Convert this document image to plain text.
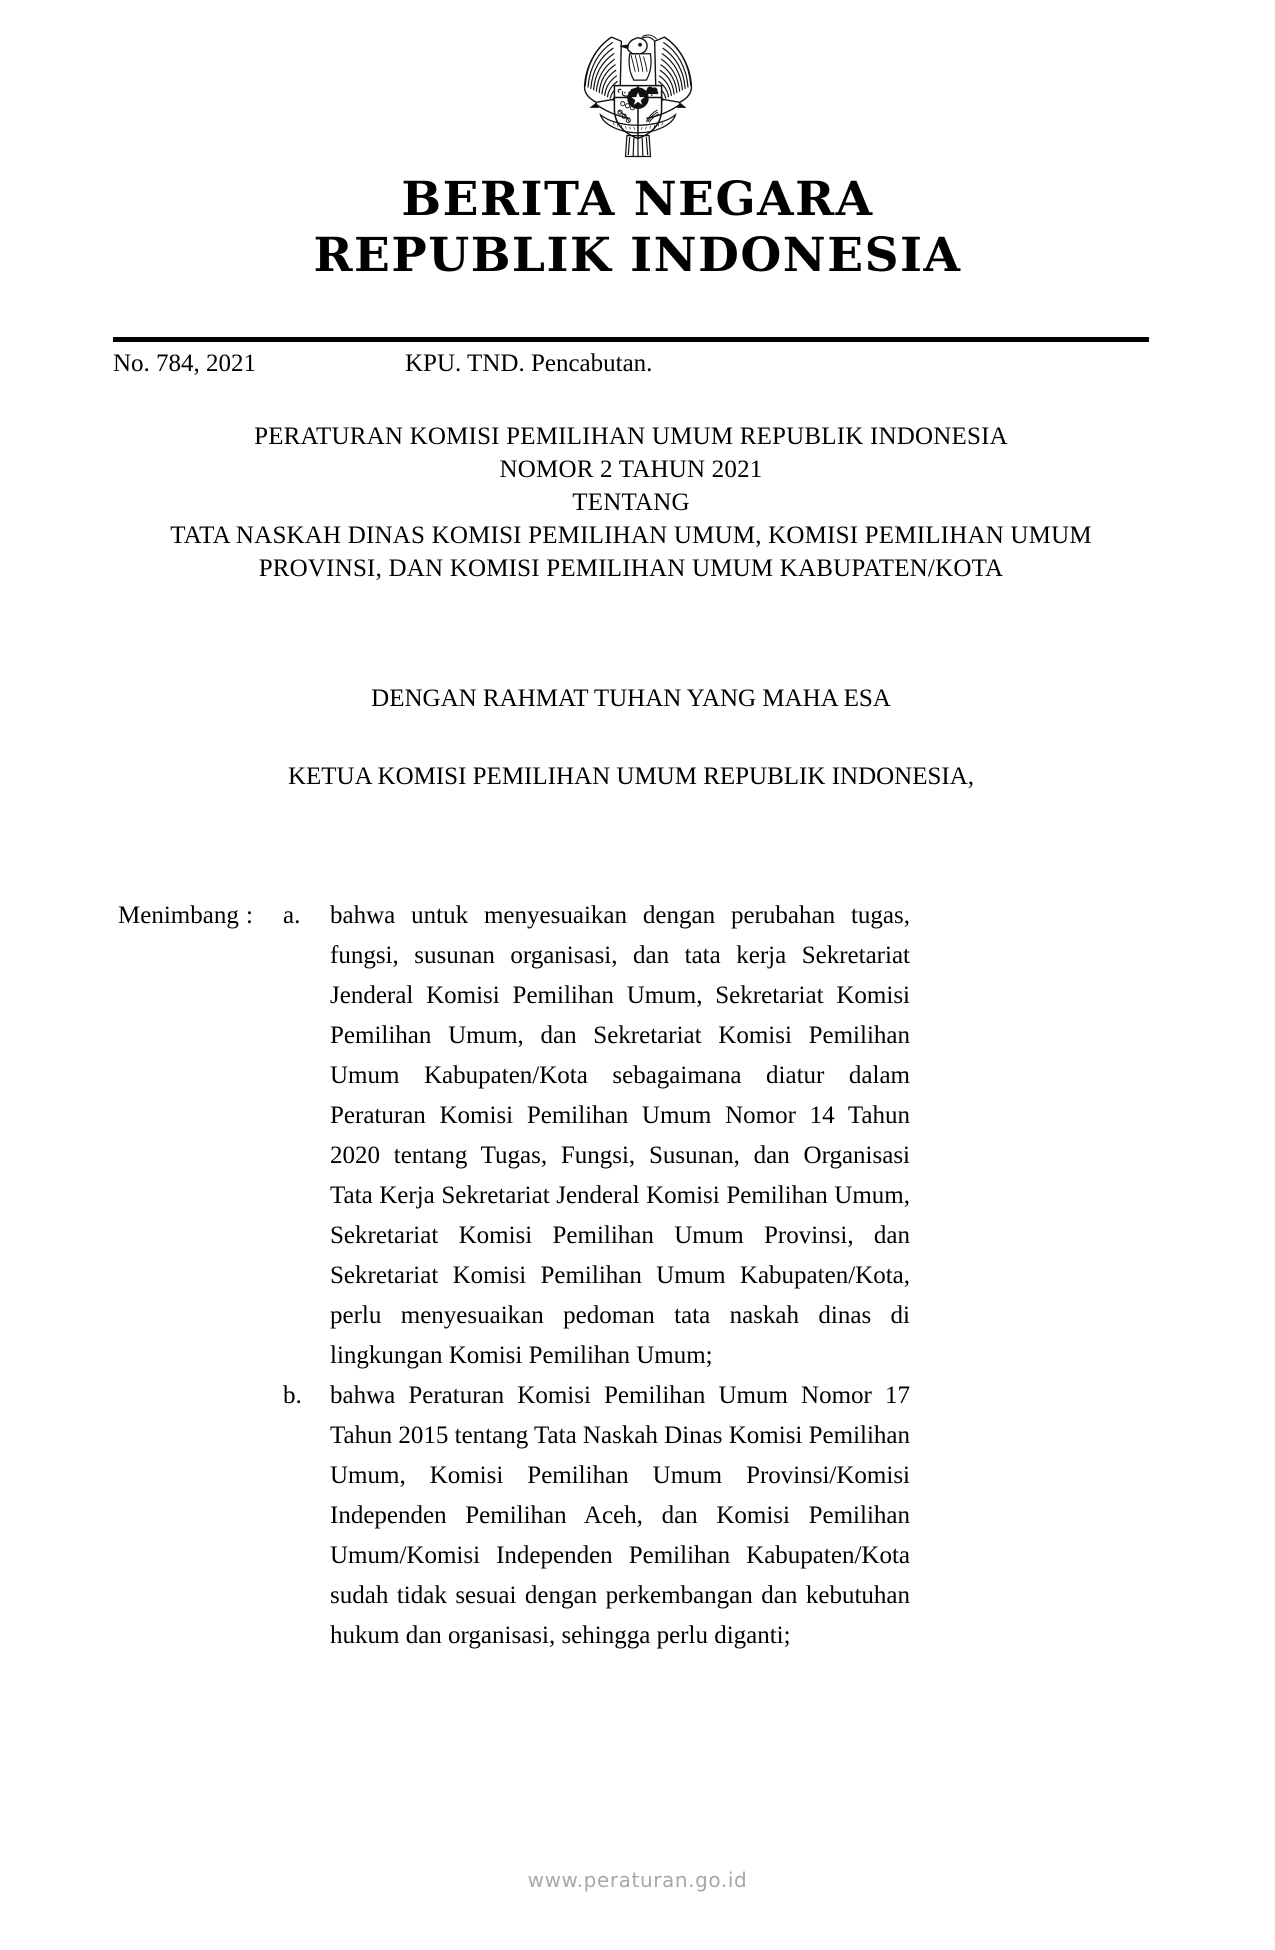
BERITA NEGARA
REPUBLIK INDONESIA
No. 784, 2021	KPU. TND. Pencabutan.
PERATURAN KOMISI PEMILIHAN UMUM REPUBLIK INDONESIA
NOMOR 2 TAHUN 2021
TENTANG
TATA NASKAH DINAS KOMISI PEMILIHAN UMUM, KOMISI PEMILIHAN UMUM
PROVINSI, DAN KOMISI PEMILIHAN UMUM KABUPATEN/KOTA
DENGAN RAHMAT TUHAN YANG MAHA ESA
KETUA KOMISI PEMILIHAN UMUM REPUBLIK INDONESIA,
Menimbang : a. bahwa untuk menyesuaikan dengan perubahan tugas, fungsi, susunan organisasi, dan tata kerja Sekretariat Jenderal Komisi Pemilihan Umum, Sekretariat Komisi Pemilihan Umum, dan Sekretariat Komisi Pemilihan Umum Kabupaten/Kota sebagaimana diatur dalam Peraturan Komisi Pemilihan Umum Nomor 14 Tahun 2020 tentang Tugas, Fungsi, Susunan, dan Organisasi Tata Kerja Sekretariat Jenderal Komisi Pemilihan Umum, Sekretariat Komisi Pemilihan Umum Provinsi, dan Sekretariat Komisi Pemilihan Umum Kabupaten/Kota, perlu menyesuaikan pedoman tata naskah dinas di lingkungan Komisi Pemilihan Umum;
b. bahwa Peraturan Komisi Pemilihan Umum Nomor 17 Tahun 2015 tentang Tata Naskah Dinas Komisi Pemilihan Umum, Komisi Pemilihan Umum Provinsi/Komisi Independen Pemilihan Aceh, dan Komisi Pemilihan Umum/Komisi Independen Pemilihan Kabupaten/Kota sudah tidak sesuai dengan perkembangan dan kebutuhan hukum dan organisasi, sehingga perlu diganti;
www.peraturan.go.id
